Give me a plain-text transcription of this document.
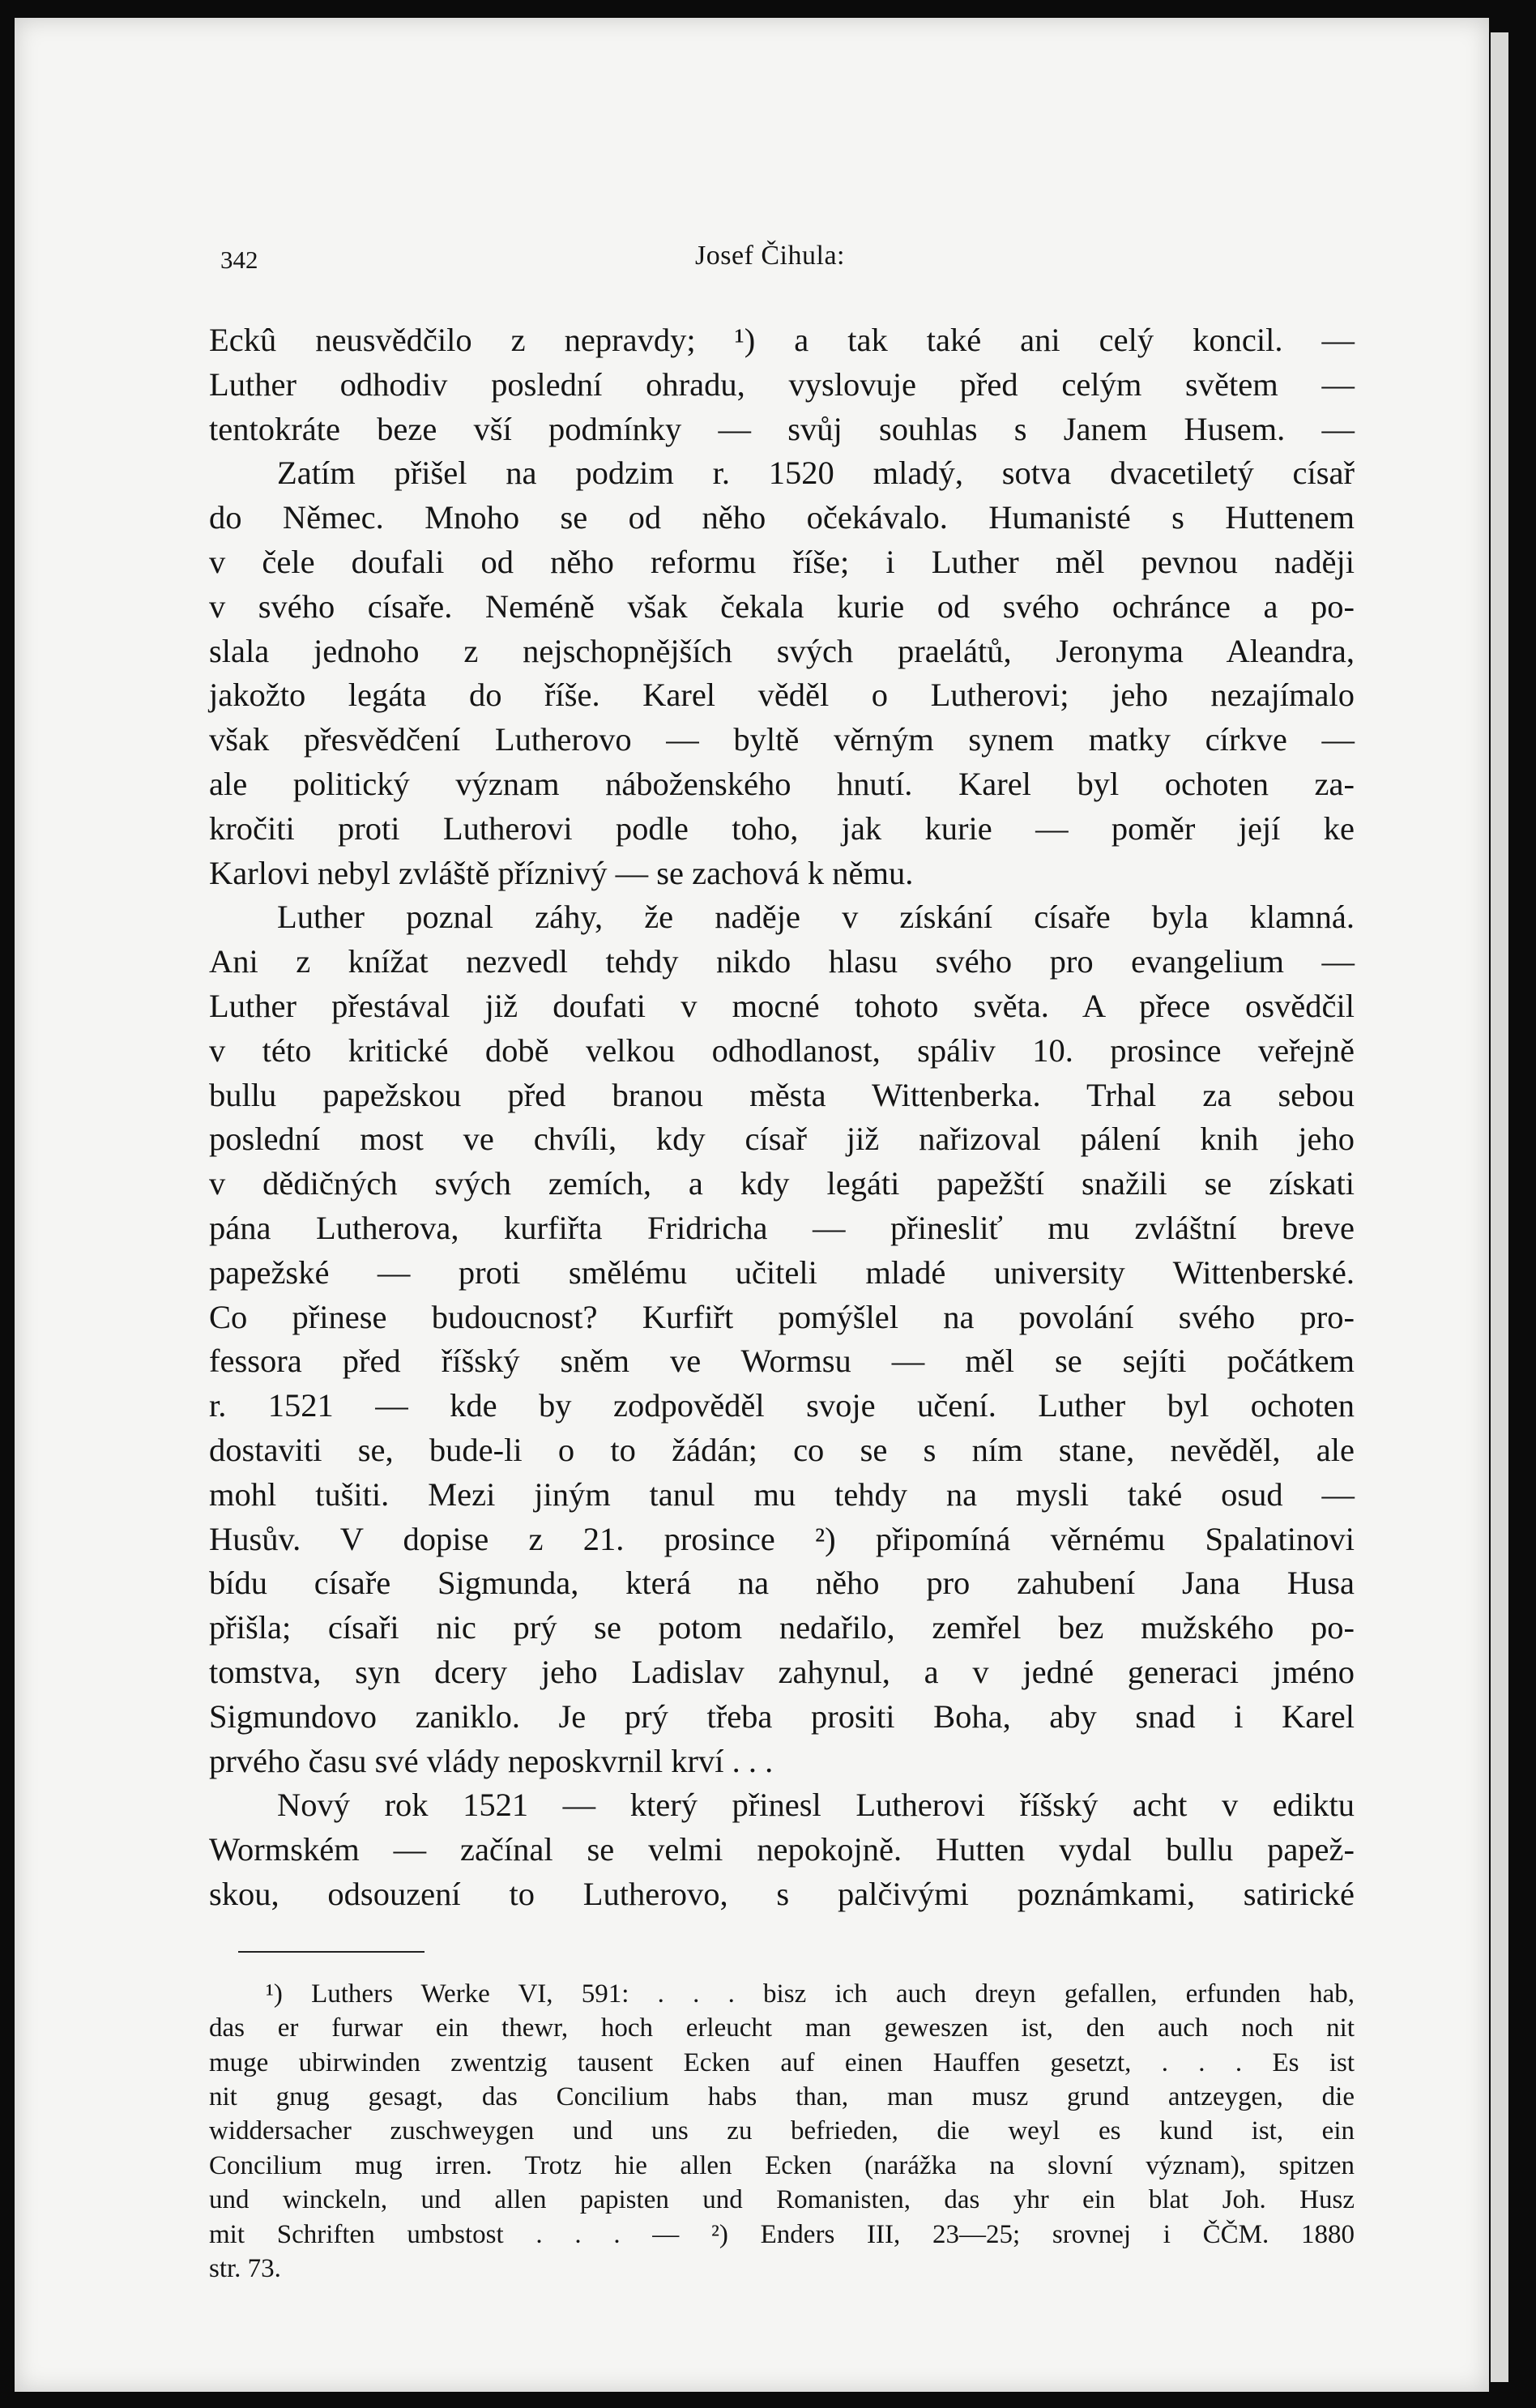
342	Josef Čihula:

Eckû neusvědčilo z nepravdy; ¹) a tak také ani celý koncil. —
Luther odhodiv poslední ohradu, vyslovuje před celým světem —
tentokráte beze vší podmínky — svůj souhlas s Janem Husem. —

Zatím přišel na podzim r. 1520 mladý, sotva dvacetiletý císař
do Němec. Mnoho se od něho očekávalo. Humanisté s Huttenem
v čele doufali od něho reformu říše; i Luther měl pevnou naději
v svého císaře. Neméně však čekala kurie od svého ochránce a po-
slala jednoho z nejschopnějších svých praelátů, Jeronyma Aleandra,
jakožto legáta do říše. Karel věděl o Lutherovi; jeho nezajímalo
však přesvědčení Lutherovo — byltě věrným synem matky církve —
ale politický význam náboženského hnutí. Karel byl ochoten za-
kročiti proti Lutherovi podle toho, jak kurie — poměr její ke
Karlovi nebyl zvláště příznivý — se zachová k němu.

Luther poznal záhy, že naděje v získání císaře byla klamná.
Ani z knížat nezvedl tehdy nikdo hlasu svého pro evangelium —
Luther přestával již doufati v mocné tohoto světa. A přece osvědčil
v této kritické době velkou odhodlanost, spáliv 10. prosince veřejně
bullu papežskou před branou města Wittenberka. Trhal za sebou
poslední most ve chvíli, kdy císař již nařizoval pálení knih jeho
v dědičných svých zemích, a kdy legáti papežští snažili se získati
pána Lutherova, kurfiřta Fridricha — přinesliť mu zvláštní breve
papežské — proti smělému učiteli mladé university Wittenberské.
Co přinese budoucnost? Kurfiřt pomýšlel na povolání svého pro-
fessora před říšský sněm ve Wormsu — měl se sejíti počátkem
r. 1521 — kde by zodpověděl svoje učení. Luther byl ochoten
dostaviti se, bude-li o to žádán; co se s ním stane, nevěděl, ale
mohl tušiti. Mezi jiným tanul mu tehdy na mysli také osud —
Husův. V dopise z 21. prosince ²) připomíná věrnému Spalatinovi
bídu císaře Sigmunda, která na něho pro zahubení Jana Husa
přišla; císaři nic prý se potom nedařilo, zemřel bez mužského po-
tomstva, syn dcery jeho Ladislav zahynul, a v jedné generaci jméno
Sigmundovo zaniklo. Je prý třeba prositi Boha, aby snad i Karel
prvého času své vlády neposkvrnil krví . . .

Nový rok 1521 — který přinesl Lutherovi říšský acht v ediktu
Wormském — začínal se velmi nepokojně. Hutten vydal bullu papež-
skou, odsouzení to Lutherovo, s palčivými poznámkami, satirické

¹) Luthers Werke VI, 591: . . . bisz ich auch dreyn gefallen, erfunden hab,
das er furwar ein thewr, hoch erleucht man geweszen ist, den auch noch nit
muge ubirwinden zwentzig tausent Ecken auf einen Hauffen gesetzt, . . . Es ist
nit gnug gesagt, das Concilium habs than, man musz grund antzeygen, die
widdersacher zuschweygen und uns zu befrieden, die weyl es kund ist, ein
Concilium mug irren. Trotz hie allen Ecken (narážka na slovní význam), spitzen
und winckeln, und allen papisten und Romanisten, das yhr ein blat Joh. Husz
mit Schriften umbstost . . . — ²) Enders III, 23—25; srovnej i ČČM. 1880
str. 73.
